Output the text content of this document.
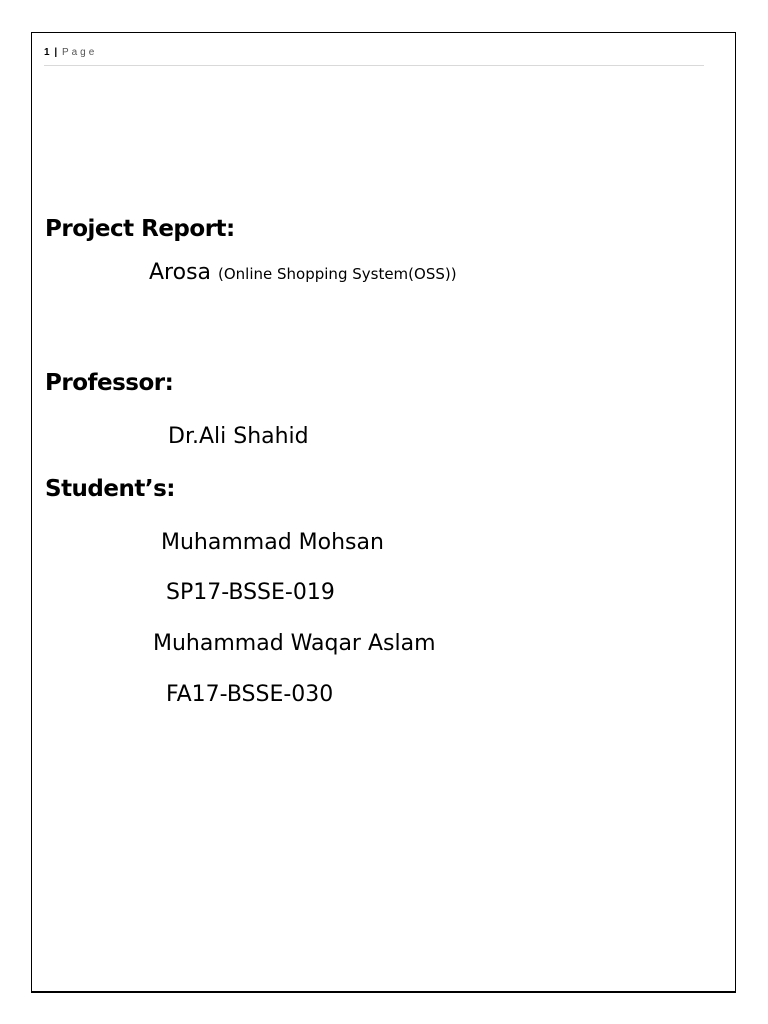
1 | Page
Project Report:
Arosa (Online Shopping System(OSS))
Professor:
Dr.Ali Shahid
Student’s:
Muhammad Mohsan
SP17-BSSE-019
Muhammad Waqar Aslam
FA17-BSSE-030
